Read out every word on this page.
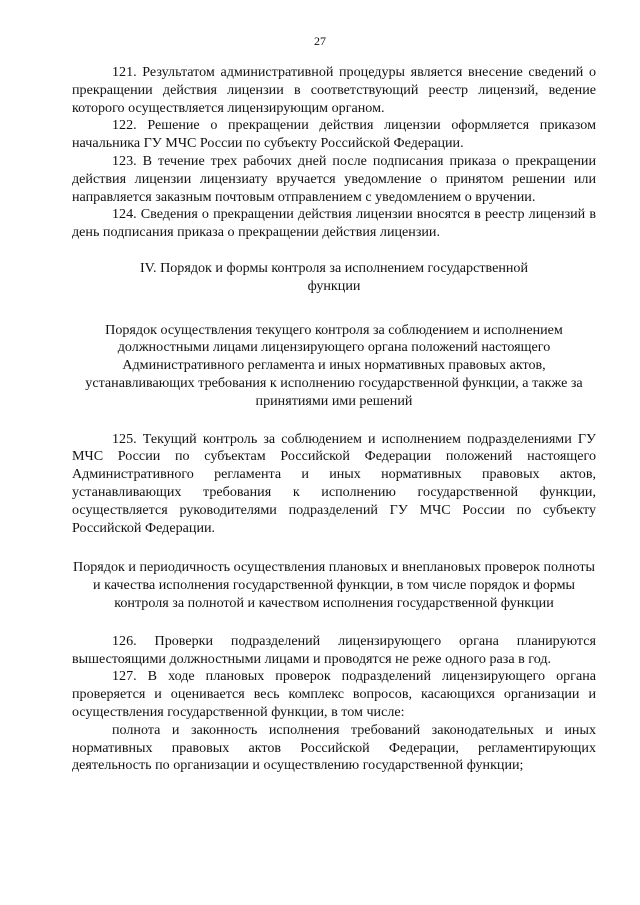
27

121. Результатом административной процедуры является внесение сведений о прекращении действия лицензии в соответствующий реестр лицензий, ведение которого осуществляется лицензирующим органом.

122. Решение о прекращении действия лицензии оформляется приказом начальника ГУ МЧС России по субъекту Российской Федерации.

123. В течение трех рабочих дней после подписания приказа о прекращении действия лицензии лицензиату вручается уведомление о принятом решении или направляется заказным почтовым отправлением с уведомлением о вручении.

124. Сведения о прекращении действия лицензии вносятся в реестр лицензий в день подписания приказа о прекращении действия лицензии.

IV. Порядок и формы контроля за исполнением государственной функции
Порядок осуществления текущего контроля за соблюдением и исполнением должностными лицами лицензирующего органа положений настоящего Административного регламента и иных нормативных правовых актов, устанавливающих требования к исполнению государственной функции, а также за принятиями ими решений

125. Текущий контроль за соблюдением и исполнением подразделениями ГУ МЧС России по субъектам Российской Федерации положений настоящего Административного регламента и иных нормативных правовых актов, устанавливающих требования к исполнению государственной функции, осуществляется руководителями подразделений ГУ МЧС России по субъекту Российской Федерации.

Порядок и периодичность осуществления плановых и внеплановых проверок полноты и качества исполнения государственной функции, в том числе порядок и формы контроля за полнотой и качеством исполнения государственной функции

126. Проверки подразделений лицензирующего органа планируются вышестоящими должностными лицами и проводятся не реже одного раза в год.

127. В ходе плановых проверок подразделений лицензирующего органа проверяется и оценивается весь комплекс вопросов, касающихся организации и осуществления государственной функции, в том числе:

полнота и законность исполнения требований законодательных и иных нормативных правовых актов Российской Федерации, регламентирующих деятельность по организации и осуществлению государственной функции;
